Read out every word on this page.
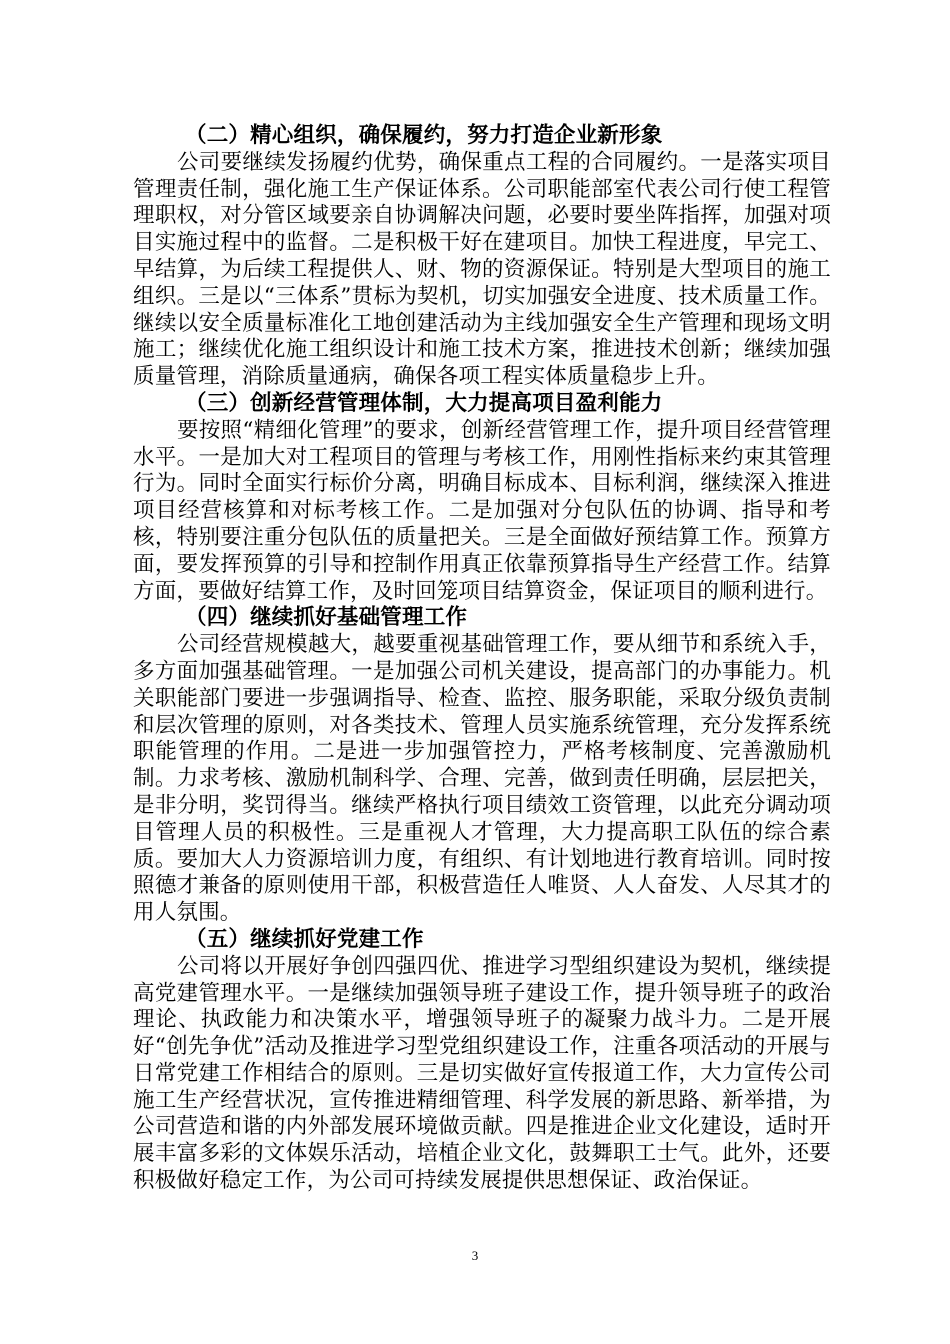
（二）精心组织，确保履约，努力打造企业新形象

公司要继续发扬履约优势，确保重点工程的合同履约。一是落实项目管理责任制，强化施工生产保证体系。公司职能部室代表公司行使工程管理职权，对分管区域要亲自协调解决问题，必要时要坐阵指挥，加强对项目实施过程中的监督。二是积极干好在建项目。加快工程进度，早完工、早结算，为后续工程提供人、财、物的资源保证。特别是大型项目的施工组织。三是以“三体系”贯标为契机，切实加强安全进度、技术质量工作。继续以安全质量标准化工地创建活动为主线加强安全生产管理和现场文明施工；继续优化施工组织设计和施工技术方案，推进技术创新；继续加强质量管理，消除质量通病，确保各项工程实体质量稳步上升。

（三）创新经营管理体制，大力提高项目盈利能力

要按照“精细化管理”的要求，创新经营管理工作，提升项目经营管理水平。一是加大对工程项目的管理与考核工作，用刚性指标来约束其管理行为。同时全面实行标价分离，明确目标成本、目标利润，继续深入推进项目经营核算和对标考核工作。二是加强对分包队伍的协调、指导和考核，特别要注重分包队伍的质量把关。三是全面做好预结算工作。预算方面，要发挥预算的引导和控制作用真正依靠预算指导生产经营工作。结算方面，要做好结算工作，及时回笼项目结算资金，保证项目的顺利进行。

（四）继续抓好基础管理工作

公司经营规模越大，越要重视基础管理工作，要从细节和系统入手，多方面加强基础管理。一是加强公司机关建设，提高部门的办事能力。机关职能部门要进一步强调指导、检查、监控、服务职能，采取分级负责制和层次管理的原则，对各类技术、管理人员实施系统管理，充分发挥系统职能管理的作用。二是进一步加强管控力，严格考核制度、完善激励机制。力求考核、激励机制科学、合理、完善，做到责任明确，层层把关，是非分明，奖罚得当。继续严格执行项目绩效工资管理，以此充分调动项目管理人员的积极性。三是重视人才管理，大力提高职工队伍的综合素质。要加大人力资源培训力度，有组织、有计划地进行教育培训。同时按照德才兼备的原则使用干部，积极营造任人唯贤、人人奋发、人尽其才的用人氛围。

（五）继续抓好党建工作

公司将以开展好争创四强四优、推进学习型组织建设为契机，继续提高党建管理水平。一是继续加强领导班子建设工作，提升领导班子的政治理论、执政能力和决策水平，增强领导班子的凝聚力战斗力。二是开展好“创先争优”活动及推进学习型党组织建设工作，注重各项活动的开展与日常党建工作相结合的原则。三是切实做好宣传报道工作，大力宣传公司施工生产经营状况，宣传推进精细管理、科学发展的新思路、新举措，为公司营造和谐的内外部发展环境做贡献。四是推进企业文化建设，适时开展丰富多彩的文体娱乐活动，培植企业文化，鼓舞职工士气。此外，还要积极做好稳定工作，为公司可持续发展提供思想保证、政治保证。

3
